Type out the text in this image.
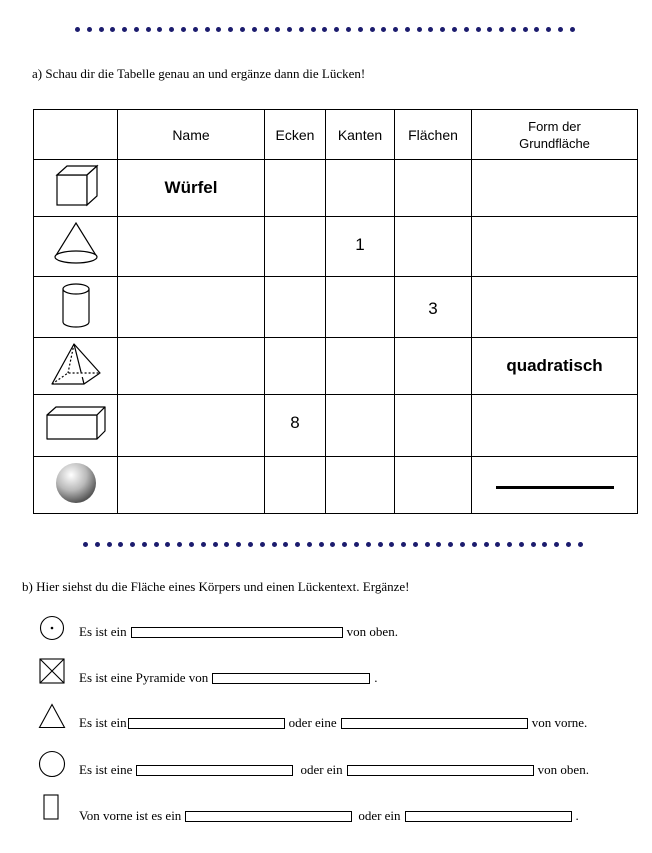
a) Schau dir die Tabelle genau an und ergänze dann die Lücken!
	Name	Ecken	Kanten	Flächen	Form der
Grundfläche
	Würfel				
			1		
				3	
					quadratisch
		8			

b) Hier siehst du die Fläche eines Körpers und einen Lückentext. Ergänze!
Es ist ein	von oben.
Es ist eine Pyramide von	.
Es ist ein	oder eine	von vorne.
Es ist eine	oder ein	von oben.
Von vorne ist es ein	oder ein	.
